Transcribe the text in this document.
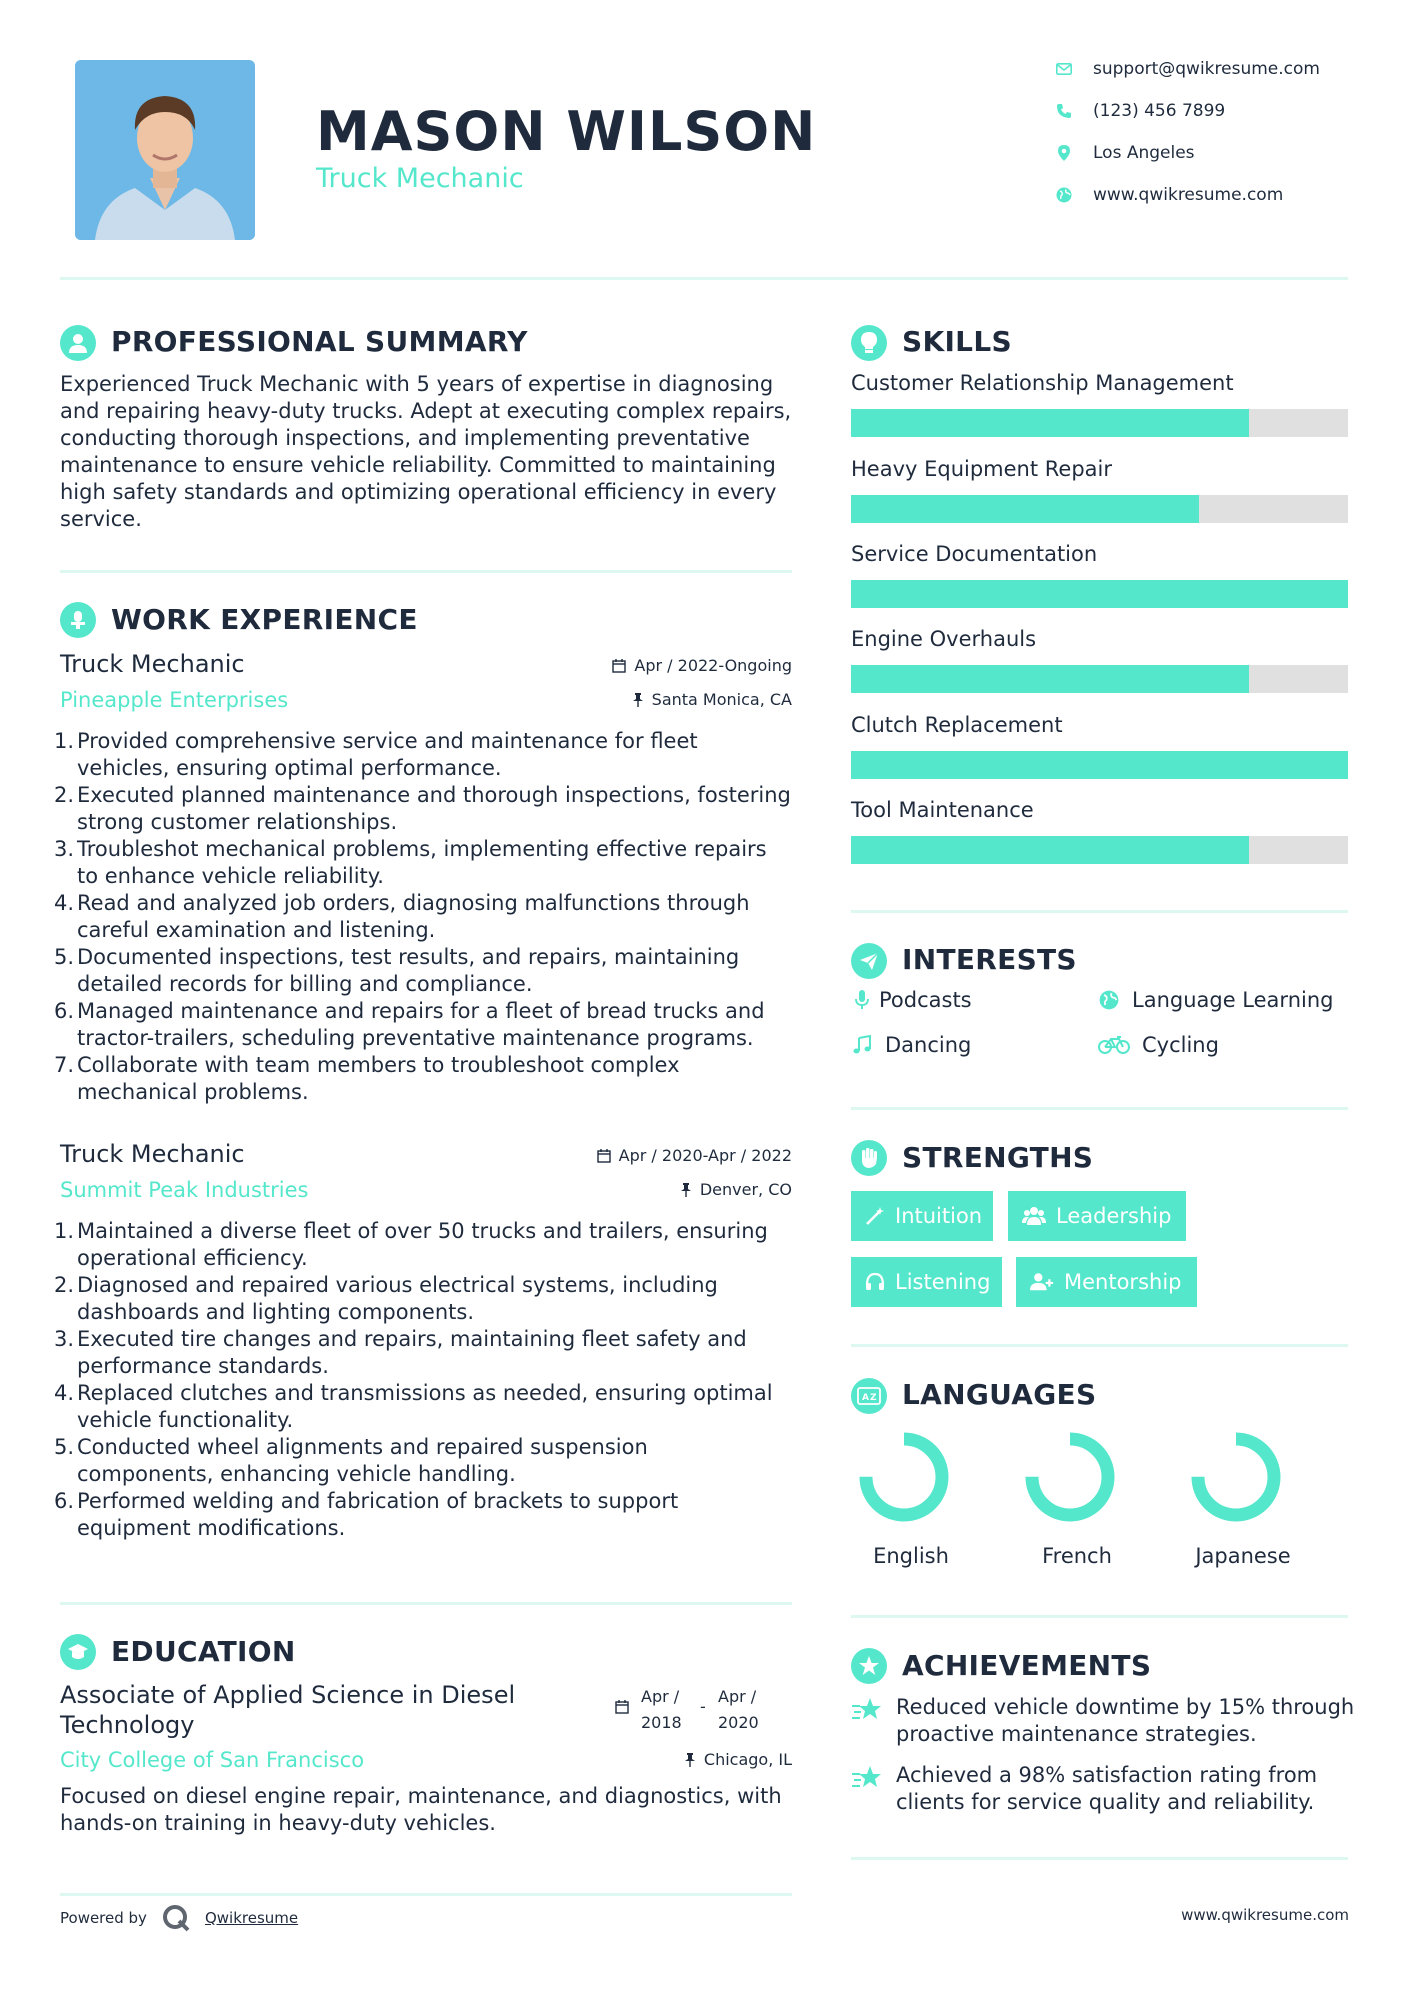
MASON WILSON
Truck Mechanic
support@qwikresume.com
(123) 456 7899
Los Angeles
www.qwikresume.com
PROFESSIONAL SUMMARY
Experienced Truck Mechanic with 5 years of expertise in diagnosing
and repairing heavy-duty trucks. Adept at executing complex repairs,
conducting thorough inspections, and implementing preventative
maintenance to ensure vehicle reliability. Committed to maintaining
high safety standards and optimizing operational efficiency in every
service.
WORK EXPERIENCE
Truck Mechanic	Apr / 2022-Ongoing
Pineapple Enterprises	Santa Monica, CA
1. Provided comprehensive service and maintenance for fleet
vehicles, ensuring optimal performance.
2. Executed planned maintenance and thorough inspections, fostering
strong customer relationships.
3. Troubleshot mechanical problems, implementing effective repairs
to enhance vehicle reliability.
4. Read and analyzed job orders, diagnosing malfunctions through
careful examination and listening.
5. Documented inspections, test results, and repairs, maintaining
detailed records for billing and compliance.
6. Managed maintenance and repairs for a fleet of bread trucks and
tractor-trailers, scheduling preventative maintenance programs.
7. Collaborate with team members to troubleshoot complex
mechanical problems.
Truck Mechanic	Apr / 2020-Apr / 2022
Summit Peak Industries	Denver, CO
1. Maintained a diverse fleet of over 50 trucks and trailers, ensuring
operational efficiency.
2. Diagnosed and repaired various electrical systems, including
dashboards and lighting components.
3. Executed tire changes and repairs, maintaining fleet safety and
performance standards.
4. Replaced clutches and transmissions as needed, ensuring optimal
vehicle functionality.
5. Conducted wheel alignments and repaired suspension
components, enhancing vehicle handling.
6. Performed welding and fabrication of brackets to support
equipment modifications.
EDUCATION
Associate of Applied Science in Diesel
Technology
Apr /
2018
-
Apr /
2020
City College of San Francisco	Chicago, IL
Focused on diesel engine repair, maintenance, and diagnostics, with
hands-on training in heavy-duty vehicles.
SKILLS
Customer Relationship Management
Heavy Equipment Repair
Service Documentation
Engine Overhauls
Clutch Replacement
Tool Maintenance
INTERESTS
Podcasts	Language Learning
Dancing	Cycling
STRENGTHS
Intuition	Leadership
Listening	Mentorship
A Z LANGUAGES
English	French	Japanese
ACHIEVEMENTS
Reduced vehicle downtime by 15% through
proactive maintenance strategies.
Achieved a 98% satisfaction rating from
clients for service quality and reliability.
Powered by	Qwikresume	www.qwikresume.com
